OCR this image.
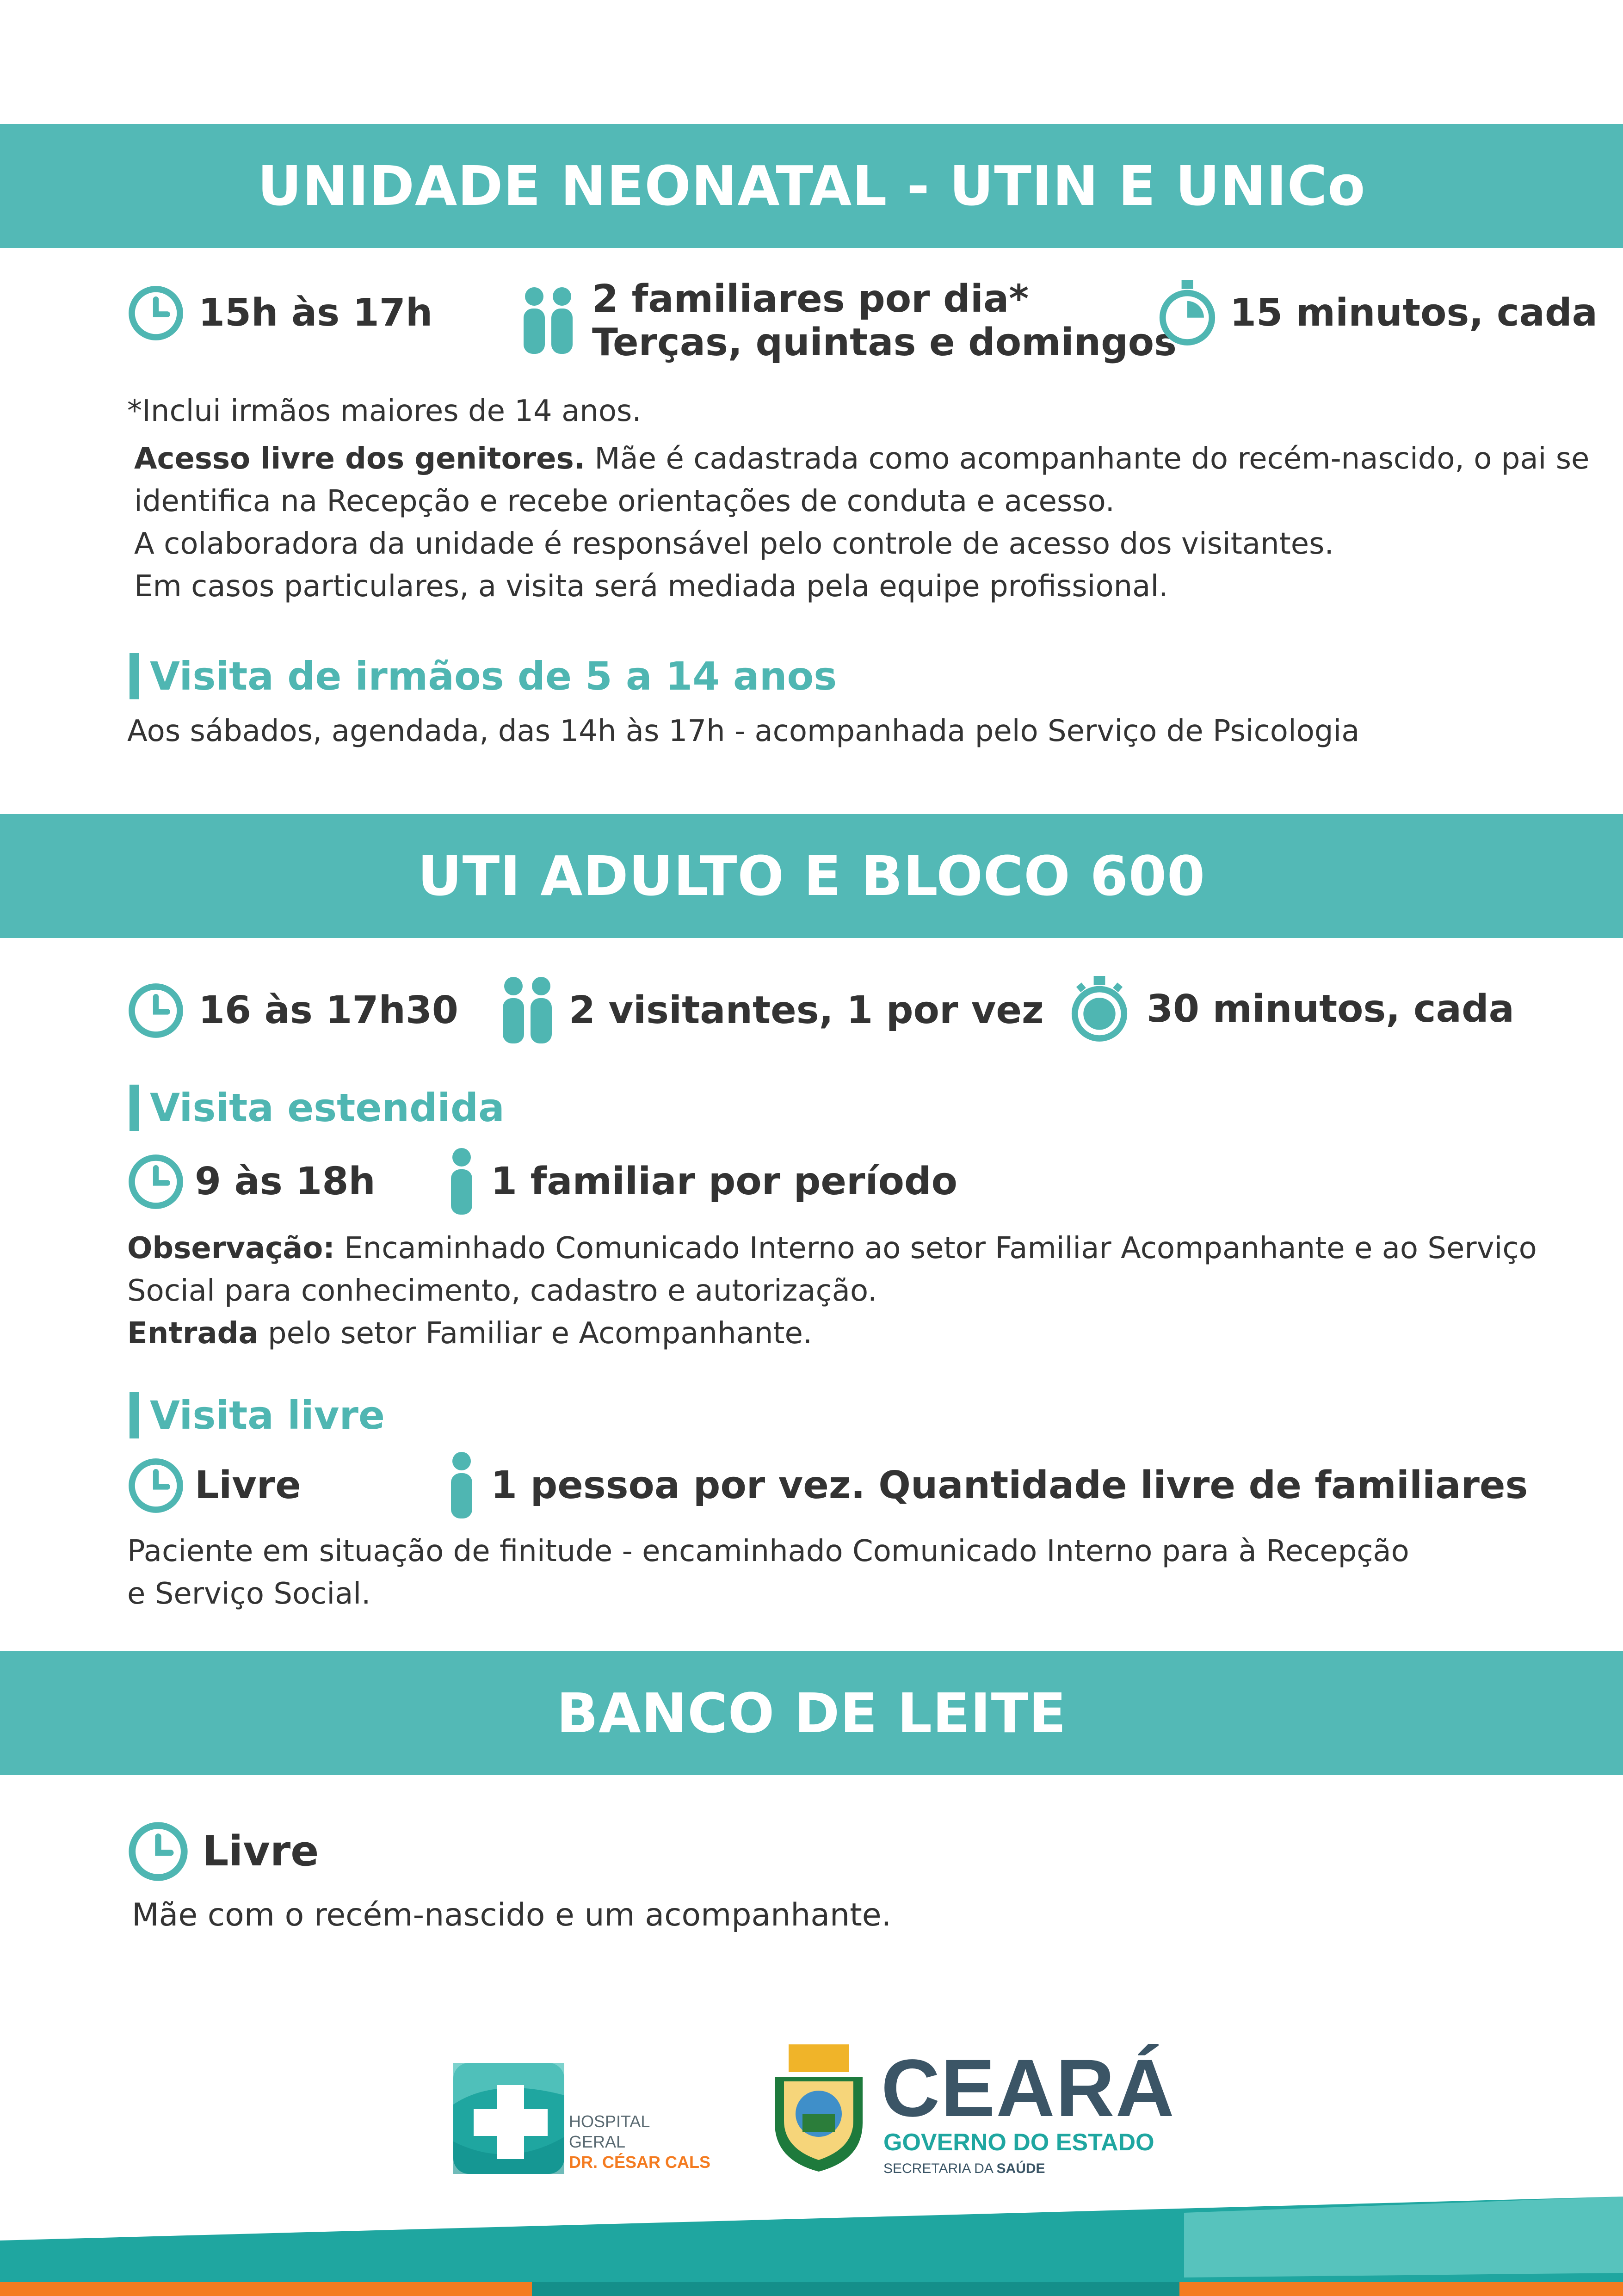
UNIDADE NEONATAL - UTIN E UNICo
15h às 17h	2 familiares por dia*
Terças, quintas e domingos
15 minutos, cada
*Inclui irmãos maiores de 14 anos.
Acesso livre dos genitores. Mãe é cadastrada como acompanhante do recém-nascido, o pai se
identifica na Recepção e recebe orientações de conduta e acesso.
A colaboradora da unidade é responsável pelo controle de acesso dos visitantes.
Em casos particulares, a visita será mediada pela equipe profissional.
Visita de irmãos de 5 a 14 anos
Aos sábados, agendada, das 14h às 17h - acompanhada pelo Serviço de Psicologia
UTI ADULTO E BLOCO 600
16 às 17h30	2 visitantes, 1 por vez	30 minutos, cada
Visita estendida
9 às 18h	1 familiar por período
Observação: Encaminhado Comunicado Interno ao setor Familiar Acompanhante e ao Serviço
Social para conhecimento, cadastro e autorização.
Entrada pelo setor Familiar e Acompanhante.
Visita livre
Livre	1 pessoa por vez. Quantidade livre de familiares
Paciente em situação de finitude - encaminhado Comunicado Interno para à Recepção
e Serviço Social.
BANCO DE LEITE
Livre
Mãe com o recém-nascido e um acompanhante.
HOSPITAL
GERAL
DR. CÉSAR CALS
CEARÁ
GOVERNO DO ESTADO
SECRETARIA DA SAÚDE
